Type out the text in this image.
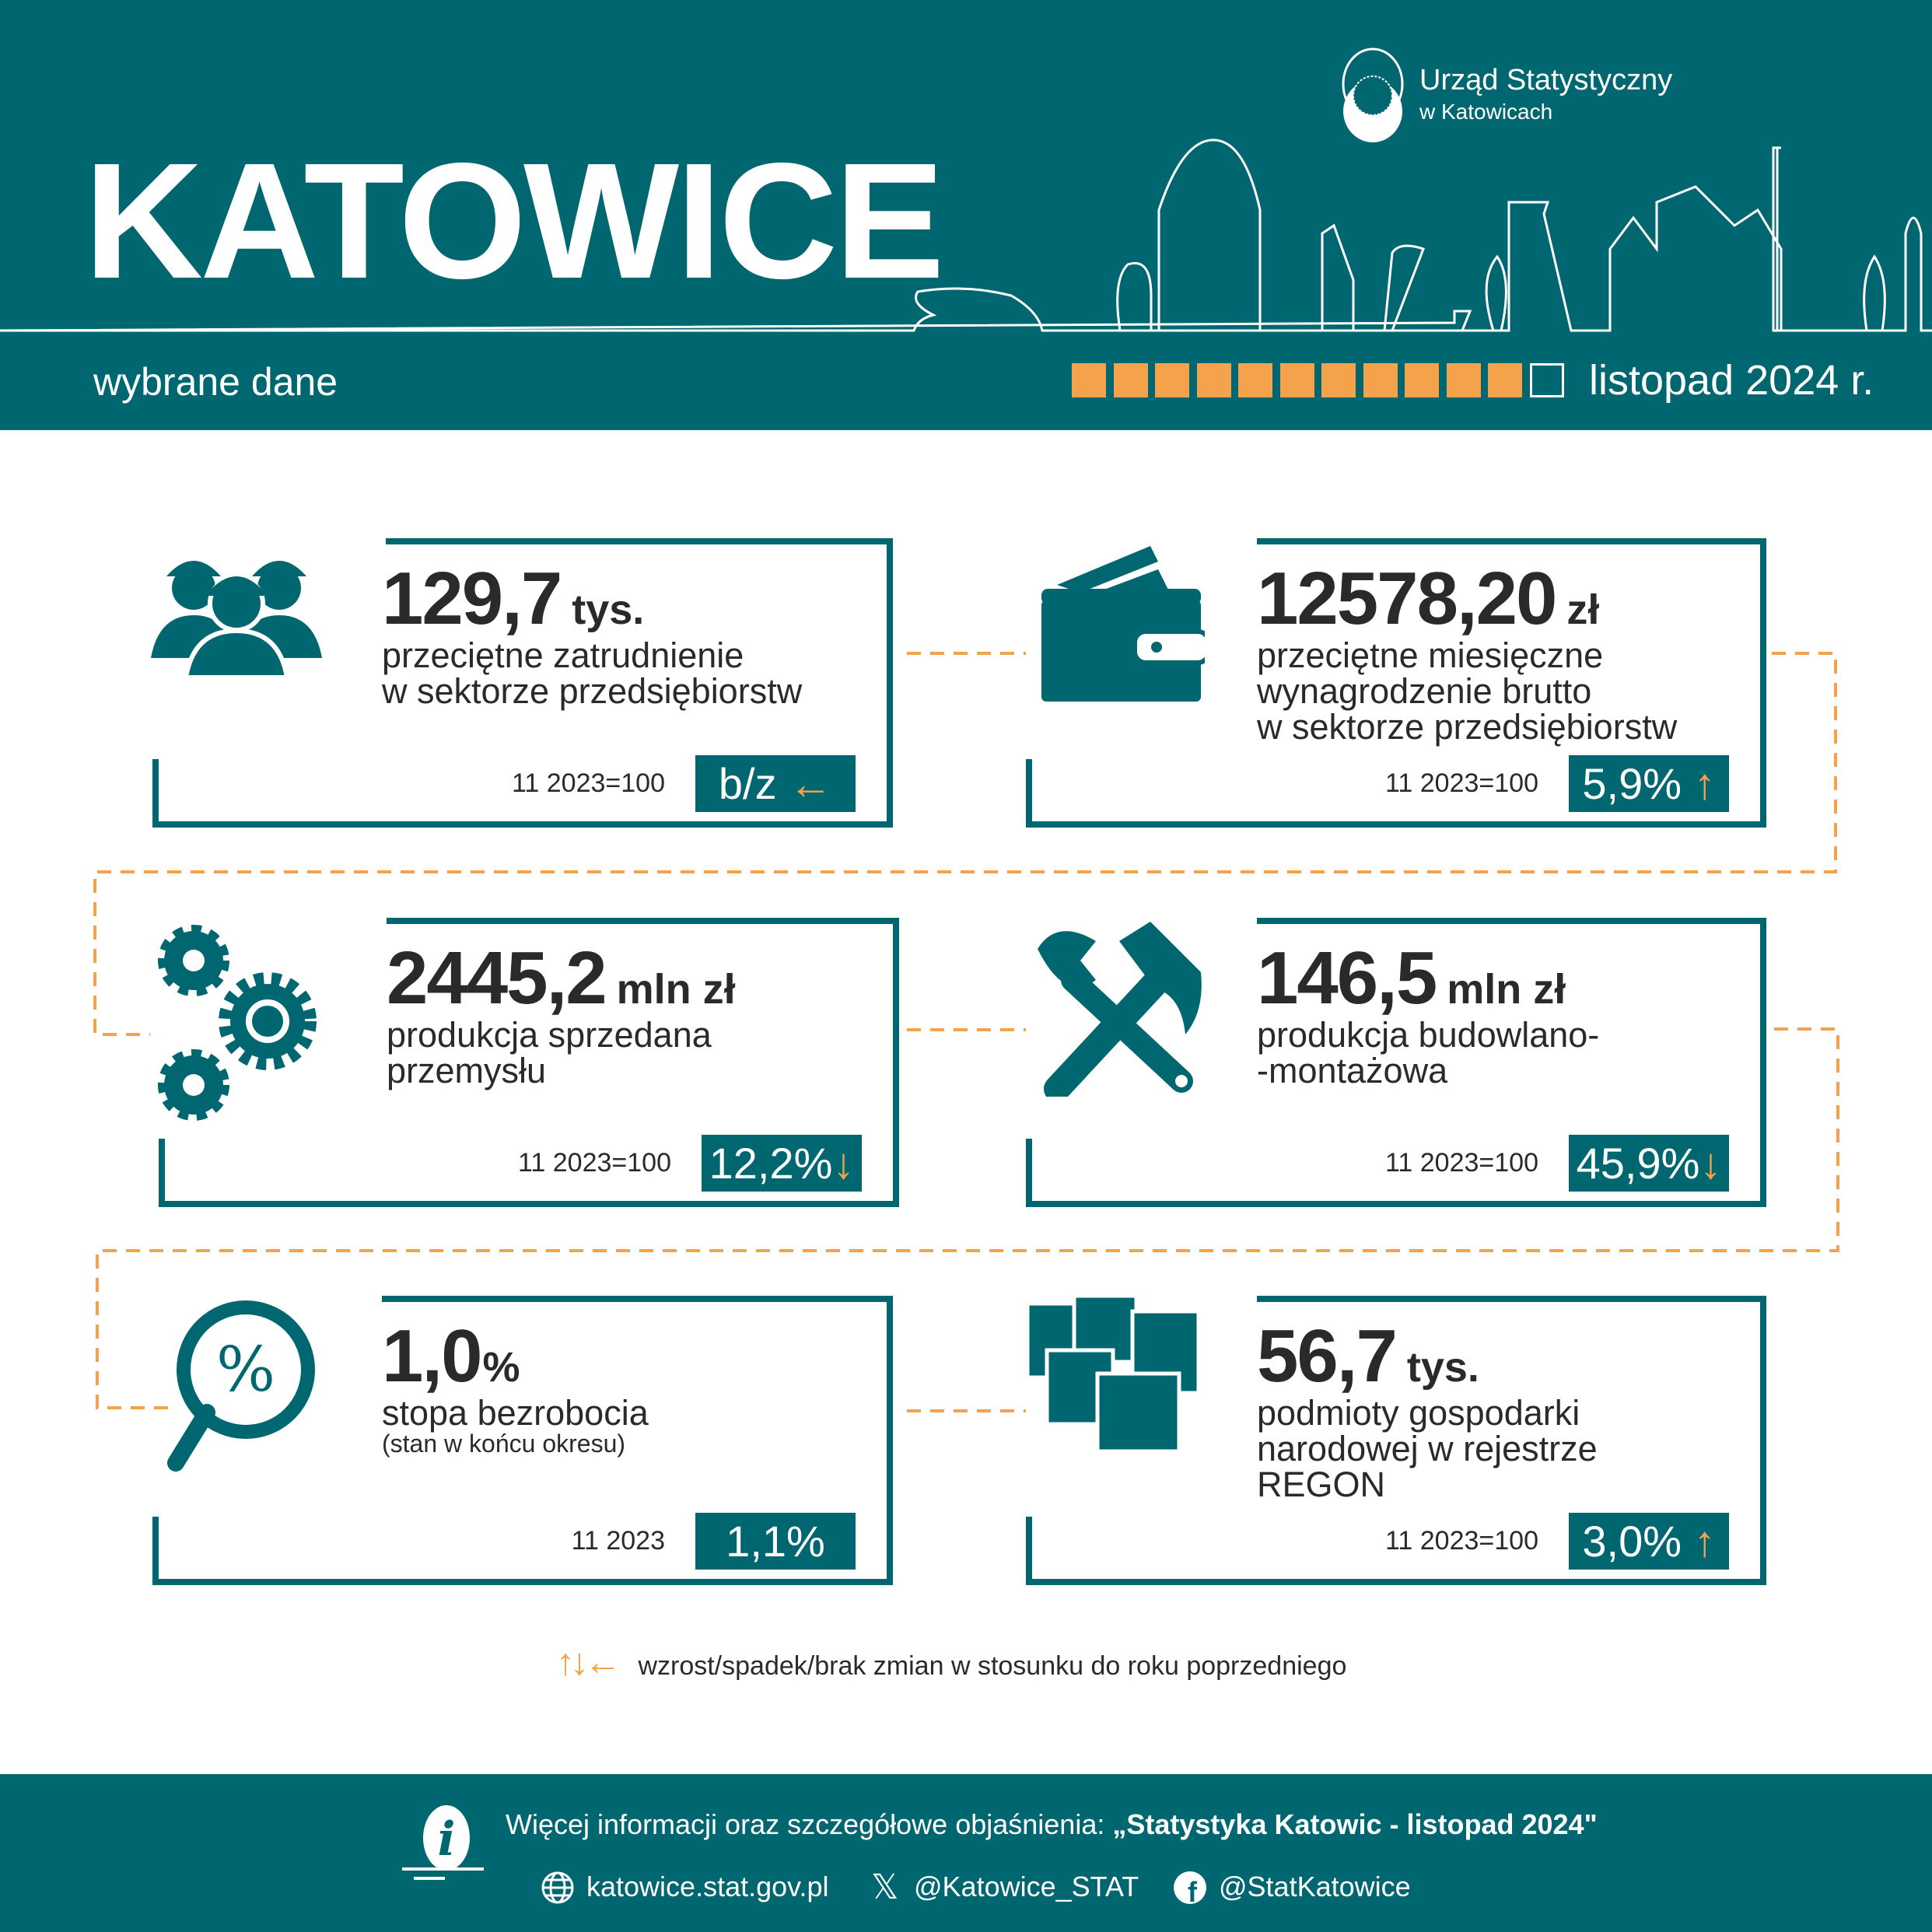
Urząd Statystyczny
w Katowicach
KATOWICE
wybrane dane	listopad 2024 r.
129,7 tys.
przeciętne zatrudnienie
w sektorze przedsiębiorstw
11 2023=100	b/z ←
12578,20 zł
przeciętne miesięczne
wynagrodzenie brutto
w sektorze przedsiębiorstw
11 2023=100	5,9% ↑
2445,2 mln zł
produkcja sprzedana
przemysłu
11 2023=100 12,2%↓
146,5 mln zł
produkcja budowlano-
-montażowa
11 2023=100 45,9%↓
% 1,0%
stopa bezrobocia
(stan w końcu okresu)
11 2023	1,1%
56,7 tys.
podmioty gospodarki
narodowej w rejestrze
REGON
11 2023=100	3,0% ↑
↑↓← wzrost/spadek/brak zmian w stosunku do roku poprzedniego
i Więcej informacji oraz szczegółowe objaśnienia: „Statystyka Katowic - listopad 2024"
katowice.stat.gov.pl 𝕏 @Katowice_STAT f @StatKatowice
